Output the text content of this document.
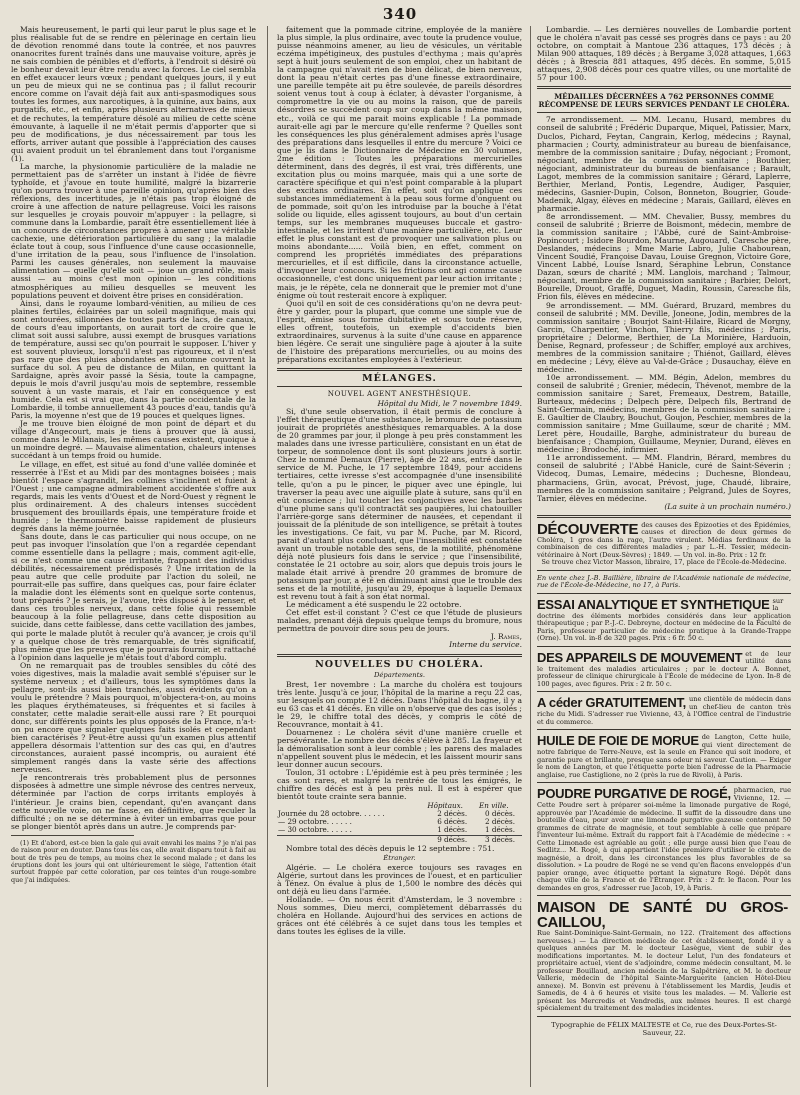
340

Mais heureusement, le parti qui leur parut le plus sage et le plus réalisable fut de se rendre en pèlerinage en certain lieu de dévotion renommé dans toute la contrée, et nos pauvres onanocrites furent traînés dans une mauvaise voiture, après je ne sais combien de pénibles et d'efforts, à l'endroit si désiré où le bonheur devait leur être rendu avec la forces. Le ciel sembla en effet exaucer leurs vœux ; pendant quelques jours, il y eut un peu de mieux qui ne se continua pas ; il fallut recourir encore comme on l'avait déjà fait aux anti-spasmodiques sous toutes les formes, aux narcotiques, à la quinine, aux bains, aux purgatifs, etc., et enfin, après plusieurs alternatives de mieux et de rechutes, la température désolé au milieu de cette scène émouvante, à laquelle il ne m'était permis d'apporter que si peu de modifications, je dus nécessairement par tous les efforts, arriver autant que possible à l'appréciation des causes qui avaient produit un tel ébranlement dans tout l'organisme (1).

La marche, la physionomie particulière de la maladie ne permettaient pas de s'arrêter un instant à l'idée de fièvre typhoïde, et j'avoue en toute humilité, malgré la bizarrerie qu'on pourra trouver à une pareille opinion, qu'après bien des réflexions, des incertitudes, je n'étais pas trop éloigné de croire à une affection de nature pellagreuse. Voici les raisons sur lesquelles je croyais pouvoir m'appuyer : la pellagre, si commune dans la Lombardie, paraît être essentiellement liée à un concours de circonstances propres à amener une véritable cachexie, une détérioration particulière du sang ; la maladie éclate tout à coup, sous l'influence d'une cause occasionnelle, d'une irritation de la peau, sous l'influence de l'insolation. Parmi les causes générales, non seulement la mauvaise alimentation — quelle qu'elle soit — joue un grand rôle, mais aussi — au moins c'est mon opinion — les conditions atmosphériques au milieu desquelles se meuvent les populations peuvent et doivent être prises en considération.

Ainsi, dans le royaume lombard-vénitien, au milieu de ces plaines fertiles, éclairées par un soleil magnifique, mais qui sont entourées, sillonnées de toutes parts de lacs, de canaux, de cours d'eau importants, on aurait tort de croire que le climat soit aussi salubre, aussi exempt de brusques variations de température, aussi sec qu'on pourrait le supposer. L'hiver y est souvent pluvieux, lorsqu'il n'est pas rigoureux, et il n'est pas rare que des pluies abondantes en automne couvrent la surface du sol. A peu de distance de Milan, en quittant la Sardaigne, après avoir passé la Sésia, toute la campagne, depuis le mois d'avril jusqu'au mois de septembre, ressemble souvent à un vaste marais, et l'air en conséquence y est humide. Cela est si vrai que, dans la partie occidentale de la Lombardie, il tombe annuellement 43 pouces d'eau, tandis qu'à Paris, la moyenne n'est que de 19 pouces et quelques lignes.

Je me trouve bien éloigné de mon point de départ et du village d'Angecourt, mais je tiens à prouver que là aussi, comme dans le Milanais, les mêmes causes existent, quoique à un moindre degré. — Mauvaise alimentation, chaleurs intenses succédant à un temps froid ou humide.

Le village, en effet, est situé au fond d'une vallée dominée et resserrée à l'Est et au Midi par des montagnes boisées ; mais bientôt l'espace s'agrandit, les collines s'inclinent et fuient à l'Ouest ; une campagne admirablement accidentée s'offre aux regards, mais les vents d'Ouest et de Nord-Ouest y règnent le plus ordinairement. A des chaleurs intenses succèdent brusquement des brouillards épais, une température froide et humide ; le thermomètre baisse rapidement de plusieurs degrés dans la même journée.

Sans doute, dans le cas particulier qui nous occupe, on ne peut pas invoquer l'insolation que l'on a regardée cependant comme essentielle dans la pellagre ; mais, comment agit-elle, si ce n'est comme une cause irritante, frappant des individus débilités, nécessairement prédisposés ? Une irritation de la peau autre que celle produite par l'action du soleil, ne pourrait-elle pas suffire, dans quelques cas, pour faire éclater la maladie dont les éléments sont en quelque sorte contenus, tout préparés ? Je serais, je l'avoue, très disposé à le penser, et dans ces troubles nerveux, dans cette folie qui ressemble beaucoup à la folie pellagreuse, dans cette disposition au suicide, dans cette faiblesse, dans cette vacillation des jambes, qui porte le malade plutôt à reculer qu'à avancer, je crois qu'il y a quelque chose de très remarquable, de très significatif, plus même que les preuves que je pourrais fournir, et rattaché à l'opinion dans laquelle je m'étais tout d'abord complu.

On ne remarquait pas de troubles sensibles du côté des voies digestives, mais la maladie avait semblé s'épuiser sur le système nerveux ; et d'ailleurs, tous les symptômes dans la pellagre, sont-ils aussi bien tranchés, aussi évidents qu'on a voulu le prétendre ? Mais pourquoi, m'objectera-t-on, au moins les plaques érythémateuses, si fréquentes et si faciles à constater, cette maladie serait-elle aussi rare ? Et pourquoi donc, sur différents points les plus opposés de la France, n'a-t-on pu encore que signaler quelques faits isolés et cependant bien caractérisés ? Peut-être aussi qu'un examen plus attentif appellera désormais l'attention sur des cas qui, en d'autres circonstances, auraient passé incompris, ou auraient été simplement rangés dans la vaste série des affections nerveuses.

Je rencontrerais très probablement plus de personnes disposées à admettre une simple névrose des centres nerveux, déterminée par l'action de corps irritants employés à l'intérieur. Je crains bien, cependant, qu'en avançant dans cette nouvelle voie, on ne fasse, en définitive, que reculer la difficulté ; on ne se détermine à éviter un embarras que pour se plonger bientôt après dans un autre. Je comprends par-

(1) Et d'abord, est-ce bien la gale qui avait envahi les mains ? je n'ai pas de raison pour en douter. Dans tous les cas, elle avait disparu tout à fait au bout de très peu de temps, au moins chez le second malade ; et dans les éruptions dont les jours qui ont ultérieurement le siège, l'attention était surtout frappée par cette coloration, par ces teintes d'un rouge-sombre que j'ai indiquées.

faitement que la pommade citrine, employée de la manière la plus simple, la plus ordinaire, avec toute la prudence voulue, puisse néanmoins amener, au lieu de vésicules, un véritable eczéma impétigineux, des pustules d'ecthyma ; mais qu'après sept à huit jours seulement de son emploi, chez un habitant de la campagne qui n'avait rien de bien délicat, de bien nerveux, dont la peau n'était certes pas d'une finesse extraordinaire, une pareille tempête ait pu être soulevée, de pareils désordres soient venus tout à coup à éclater, à dévaster l'organisme, à compromettre la vie ou au moins la raison, que de pareils désordres se succèdent coup sur coup dans la même maison, etc., voilà ce qui me parait moins explicable ! La pommade aurait-elle agi par le mercure qu'elle renferme ? Quelles sont les conséquences les plus généralement admises après l'usage des préparations dans lesquelles il entre du mercure ? Voici ce que je lis dans le Dictionnaire de Médecine en 30 volumes, 2me édition : Toutes les préparations mercurielles déterminent, dans des degrés, il est vrai, très différents, une excitation plus ou moins marquée, mais qui a une sorte de caractère spécifique et qui n'est point comparable à la plupart des excitans ordinaires. En effet, soit qu'on applique ces substances immédiatement à la peau sous forme d'onguent ou de pommade, soit qu'on les introduise par la bouche à l'état solide ou liquide, elles agissent toujours, au bout d'un certain temps, sur les membranes muqueuses buccale et gastro-intestinale, et les irritent d'une manière particulière, etc. Leur effet le plus constant est de provoquer une salivation plus ou moins abondante...... Voilà bien, en effet, comment on comprend les propriétés immédiates des préparations mercurielles, et il est difficile, dans la circonstance actuelle, d'invoquer leur concours. Si les frictions ont agi comme cause occasionnelle, c'est donc uniquement par leur action irritante ; mais, je le répète, cela ne donnerait que le premier mot d'une énigme où tout resterait encore à expliquer.

Quoi qu'il en soit de ces considérations qu'on ne devra peut-être y garder, pour la plupart, que comme une simple vue de l'esprit, émise sous forme dubitative et sous toute réserve, elles offrent, toutefois, un exemple d'accidents bien extraordinaires, survenus à la suite d'une cause en apparence bien légère. Ce serait une singulière page à ajouter à la suite de l'histoire des préparations mercurielles, ou au moins des préparations excitantes employées à l'extérieur.

MÉLANGES.
NOUVEL AGENT ANESTHÉSIQUE.
Hôpital du Midi, le 7 novembre 1849.

Si, d'une seule observation, il était permis de conclure à l'effet thérapeutique d'une substance, le bromure de potassium jouirait de propriétés anesthésiques remarquables. A la dose de 20 grammes par jour, il plonge à peu près constamment les malades dans une ivresse particulière, consistant en un état de torpeur, de somnolence dont ils sont plusieurs jours à sortir. Chez le nommé Demaux (Pierre), âgé de 22 ans, entré dans le service de M. Puche, le 17 septembre 1849, pour accidens tertiaires, cette ivresse s'est accompagnée d'une insensibilité telle, qu'on a pu le pincer, le piquer avec une épingle, lui traverser la peau avec une aiguille plate à suture, sans qu'il en eût conscience ; lui toucher les conjonctives avec les barbes d'une plume sans qu'il contractât ses paupières, lui chatouiller l'arrière-gorge sans déterminer de nausées, et cependant il jouissait de la plénitude de son intelligence, se prêtait à toutes les investigations. Ce fait, vu par M. Puche, par M. Ricord, parait d'autant plus concluant, que l'insensibilité est constatée avant un trouble notable des sens, de la motilité, phénomène déjà noté plusieurs fois dans le service ; que l'insensibilité, constatée le 21 octobre au soir, alors que depuis trois jours le malade était arrivé à prendre 20 grammes de bromure de potassium par jour, a été en diminuant ainsi que le trouble des sens et de la motilité, jusqu'au 29, époque à laquelle Demaux est revenu tout à fait à son état normal.

Le médicament a été suspendu le 22 octobre.

Cet effet est-il constant ? C'est ce que l'étude de plusieurs malades, prenant déjà depuis quelque temps du bromure, nous permettra de pouvoir dire sous peu de jours.

J. Rames,
Interne du service.
NOUVELLES DU CHOLÉRA.
Départements.

Brest, 1er novembre : La marche du choléra est toujours très lente. Jusqu'à ce jour, l'hôpital de la marine a reçu 22 cas, sur lesquels on compte 12 décès. Dans l'hôpital du bagne, il y a eu 63 cas et 41 décès. En ville on n'observe que des cas isolés ; le 29, le chiffre total des décès, y compris le côté de Recouvrance, montait à 41.

Douarnenez : Le choléra sévit d'une manière cruelle et persévérante. Le nombre des décès s'élève à 285. La frayeur et la démoralisation sont à leur comble ; les parens des malades n'appellent souvent plus le médecin, et les laissent mourir sans leur donner aucun secours.

Toulon, 31 octobre : L'épidémie est à peu près terminée ; les cas sont rares, et malgré la rentrée de tous les émigrés, le chiffre des décès est à peu près nul. Il est à espérer que bientôt toute crainte sera bannie.

	Hôpitaux.	En ville.
Journée du 28 octobre. . . . . .	2 décès.	0 décès.
— 29 octobre. . . . . .	6 décès.	2 décès.
— 30 octobre. . . . . .	1 décès.	1 décès.
	9 décès.	3 décès.

Nombre total des décès depuis le 12 septembre : 751.

Étranger.

Algérie. — Le choléra exerce toujours ses ravages en Algérie, surtout dans les provinces de l'ouest, et en particulier à Ténez. On évalue à plus de 1,500 le nombre des décès qui ont déjà eu lieu dans l'armée.

Hollande. — On nous écrit d'Amsterdam, le 3 novembre : Nous sommes, Dieu merci, complètement débarrassés du choléra en Hollande. Aujourd'hui des services en actions de grâces ont été célébrés à ce sujet dans tous les temples et dans toutes les églises de la ville.

Lombardie. — Les dernières nouvelles de Lombardie portent que le choléra n'avait pas cessé ses progrès dans ce pays : au 20 octobre, on comptait à Mantoue 236 attaques, 173 décès ; à Milan 900 attaques, 189 décès ; à Bergame 3,028 attaques, 1,663 décès ; à Brescia 881 attaques, 495 décès. En somme, 5,015 attaques, 2,908 décès pour ces quatre villes, ou une mortalité de 57 pour 100.

MÉDAILLES DÉCERNÉES A 762 PERSONNES COMME RÉCOMPENSE DE LEURS SERVICES PENDANT LE CHOLÉRA.

7e arrondissement. — MM. Lecanu, Husard, membres du conseil de salubrité ; Frédéric Duparque, Miquel, Patissier, Marx, Duclos, Pichard, Feytan, Cangrain, Kerlog, médecins ; Raynal, pharmacien ; Courty, administrateur au bureau de bienfaisance, membre de la commission sanitaire ; Dufay, négociant ; Fromont, négociant, membre de la commission sanitaire ; Bouthier, négociant, administrateur du bureau de bienfaisance ; Barault, Lagot, membres de la commission sanitaire ; Gérard, Laplerre, Berthier, Merland, Pontis, Legendre, Audiger, Pasquier, médecins, Gasnier-Dupin, Colson, Bonneton, Bougrier, Goude-Madenik, Algay, élèves en médecine ; Marais, Gaillard, élèves en pharmacie.

8e arrondissement. — MM. Chevalier, Bussy, membres du conseil de salubrité ; Brierre de Boismont, médecin, membre de la commission sanitaire ; l'Abbé, curé de Saint-Ambroise-Popincourt ; Isidore Bourdon, Maurne, Augouard, Caresche père, Deslandes, médecins ; Mme Marie Labro, Julie Chabourean, Vincent Soudié, Françoise Davau, Louise Gregnon, Victoire Gore, Vincent Labbé, Louise Isnard, Séraphine Lebrun, Constance Dazan, sœurs de charité ; MM. Langlois, marchand ; Talmour, négociant, membre de la commission sanitaire ; Barbier, Delort, Bourelle, Drouot, Graffé, Duguet, Madin, Roussin, Caresche fils, Frion fils, élèves en médecine.

9e arrondissement. — MM. Guérard, Bruzard, membres du conseil de salubrité ; MM. Deville, Joneone, Jodin, membres de la commission sanitaire ; Bourjot Saint-Hilaire, Ricard de Morgny, Garcin, Charpentier, Vinchon, Thierry fils, médecins ; Paris, propriétaire ; Delorme, Berthier, de La Morinière, Harduoin, Denise, Regnard, professeur ; de Schiffer, employé aux archives, membres de la commission sanitaire ; Thiénot, Gaillard, élèves en médecine ; Lévy, élève au Val-de-Grâce ; Dusauchay, élève en médecine.

10e arrondissement. — MM. Bégin, Adelon, membres du conseil de salubrité ; Grenier, médecin, Thévenot, membre de la commission sanitaire ; Saret, Fremeaux, Destrem, Bataille, Burteaux, médecins ; Delpech père, Delpech fils, Bertrand de Saint-Germain, médecins, membres de la commission sanitaire ; E. Gaultier de Claubry, Bouchut, Goujon, Peschier, membres de la commission sanitaire ; Mme Guillaume, sœur de charité ; MM. Leret père, Houdaille, Barghe, administrateur du bureau de bienfaisance ; Champion, Guillaume, Meynier, Durand, élèves en médecine ; Brodoché, infirmier.

11e arrondissement. — MM. Flandrin, Bérard, membres du conseil de salubrité ; l'Abbé Hanicle, curé de Saint-Séverin ; Videcoq, Dumas, Lemaire, médecins ; Duchesne, Blondeau, pharmaciens, Grün, avocat, Prévost, juge, Chaudé, libraire, membres de la commission sanitaire ; Pelgrand, Jules de Soyres, Tarnier, élèves en médecine.

(La suite à un prochain numéro.)
DÉCOUVERTE des causes des Épizooties et des Épidémies, causes et direction de deux germes de Choléra, 1 gros dans la rage, l'autre virulent. Médias ferdinaux de la combinaison de ces différentes maladies ; par L.-H. Tessier, médecin-vétérinaire à Nort (Deux-Sèvres) ; 1849. — Un vol. in-8o. Prix : 12 fr.
Se trouve chez Victor Masson, libraire, 17, place de l'École-de-Médecine.
En vente chez J.-B. Baillière, libraire de l'Académie nationale de médecine, rue de l'École-de-Médecine, no 17, à Paris.
ESSAI ANALYTIQUE ET SYNTHETIQUE sur la doctrine des éléments morbides considérés dans leur application thérapeutique ; par P.-J.-C. Debreyne, docteur en médecine de la Faculté de Paris, professeur particulier de médecine pratique à la Grande-Trappe (Orne). Un vol. in-8 de 320 pages. Prix : 6 fr. 50 c.
DES APPAREILS DE MOUVEMENT et de leur utilité dans le traitement des maladies articulaires ; par le docteur A. Bonnet, professeur de clinique chirurgicale à l'École de médecine de Lyon. In-8 de 100 pages, avec figures. Prix : 2 fr. 50 c.
A céder GRATUITEMENT, une clientèle de médecin dans un chef-lieu de canton très riche du Midi. S'adresser rue Vivienne, 43, à l'Office central de l'industrie et du commerce.
HUILE DE FOIE DE MORUE de Langton, Cette huile, qui vient directement de notre fabrique de Terre-Neuve, est la seule en France qui soit inodore, et garantie pure et brillante, presque sans odeur ni saveur. Caution. — Exiger le nom de Langton, et que l'étiquette porte bien l'adresse de la Pharmacie anglaise, rue Castiglione, no 2 (près la rue de Rivoli), à Paris.
POUDRE PURGATIVE DE ROGÉ, pharmacien, rue Vivienne, 12. — Cette Poudre sert à préparer soi-même la limonade purgative de Rogé, approuvée par l'Académie de médecine. Il suffit de la dissoudre dans une bouteille d'eau, pour avoir une limonade purgative gazeuse contenant 50 grammes de citrate de magnésie, et tout semblable à celle que prépare l'inventeur lui-même. Extrait du rapport fait à l'Académie de médecine : « Cette Limonade est agréable au goût ; elle purge aussi bien que l'eau de Sedlitz... M. Rogé, à qui appartient l'idée première d'utiliser le citrate de magnésie, a droit, dans les circonstances les plus favorables de sa dissolution. » La poudre de Rogé ne se vend qu'en flacons enveloppés d'un papier orange, avec étiquette portant la signature Rogé. Dépôt dans chaque ville de la France et de l'Étranger. Prix : 2 fr. le flacon. Pour les demandes en gros, s'adresser rue Jacob, 19, à Paris.
MAISON DE SANTÉ DU GROS-CAILLOU,
Rue Saint-Dominique-Saint-Germain, no 122. (Traitement des affections nerveuses.) — La direction médicale de cet établissement, fondé il y a quelques années par M. le docteur Lasègue, vient de subir des modifications importantes. M. le docteur Lelut, l'un des fondateurs et propriétaire actuel, vient de s'adjoindre, comme médecin consultant, M. le professeur Bouillaud, ancien médecin de la Salpêtrière, et M. le docteur Vallerie, médecin de l'hôpital Sainte-Marguerite (ancien Hôtel-Dieu annexe). M. Bonvin est prévenu à l'établissement les Mardis, Jeudis et Samedis, de 4 à 6 heures et visite tous les malades. — M. Vallerie est présent les Mercredis et Vendredis, aux mêmes heures. Il est chargé spécialement du traitement des maladies incidentes.
Typographie de FÉLIX MALTESTE et Ce, rue des Deux-Portes-St-Sauveur, 22.
